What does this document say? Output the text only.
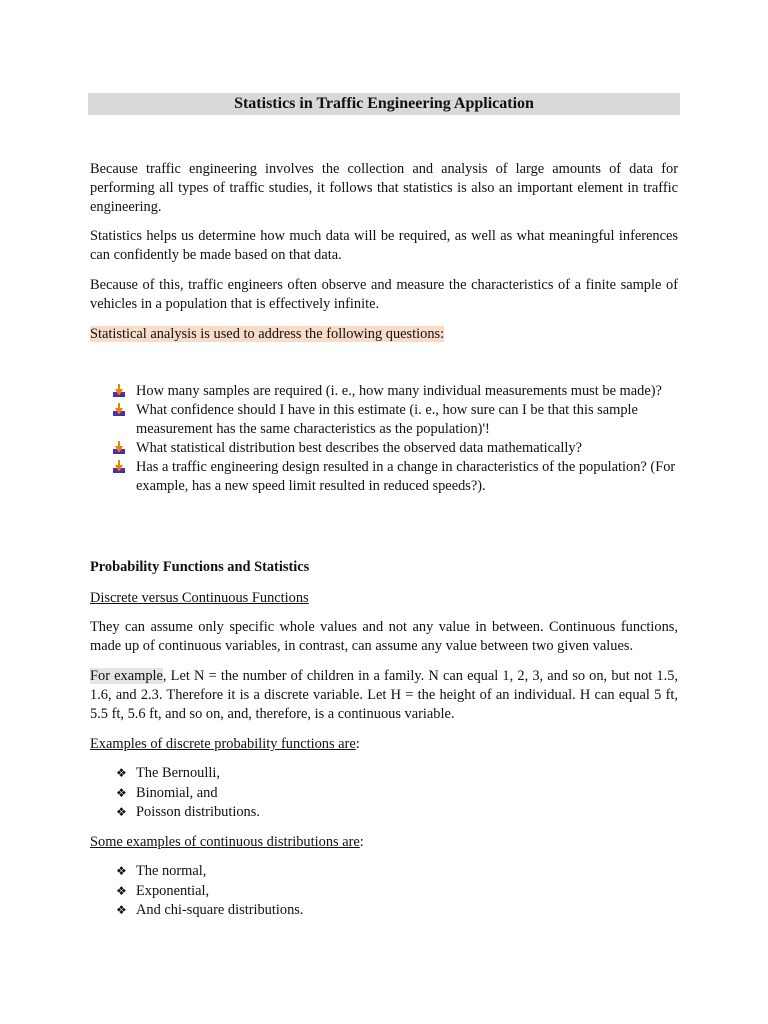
Statistics in Traffic Engineering Application

Because traffic engineering involves the collection and analysis of large amounts of data for performing all types of traffic studies, it follows that statistics is also an important element in traffic engineering.

Statistics helps us determine how much data will be required, as well as what meaningful inferences can confidently be made based on that data.

Because of this, traffic engineers often observe and measure the characteristics of a finite sample of vehicles in a population that is effectively infinite.

Statistical analysis is used to address the following questions:

How many samples are required (i. e., how many individual measurements must be made)?
What confidence should I have in this estimate (i. e., how sure can I be that this sample measurement has the same characteristics as the population)'!
What statistical distribution best describes the observed data mathematically?
Has a traffic engineering design resulted in a change in characteristics of the population? (For example, has a new speed limit resulted in reduced speeds?).

Probability Functions and Statistics

Discrete versus Continuous Functions

They can assume only specific whole values and not any value in between. Continuous functions, made up of continuous variables, in contrast, can assume any value between two given values.

For example, Let N = the number of children in a family. N can equal 1, 2, 3, and so on, but not 1.5, 1.6, and 2.3. Therefore it is a discrete variable. Let H = the height of an individual. H can equal 5 ft, 5.5 ft, 5.6 ft, and so on, and, therefore, is a continuous variable.

Examples of discrete probability functions are:

❖ The Bernoulli,
❖ Binomial, and
❖ Poisson distributions.

Some examples of continuous distributions are:

❖ The normal,
❖ Exponential,
❖ And chi-square distributions.
